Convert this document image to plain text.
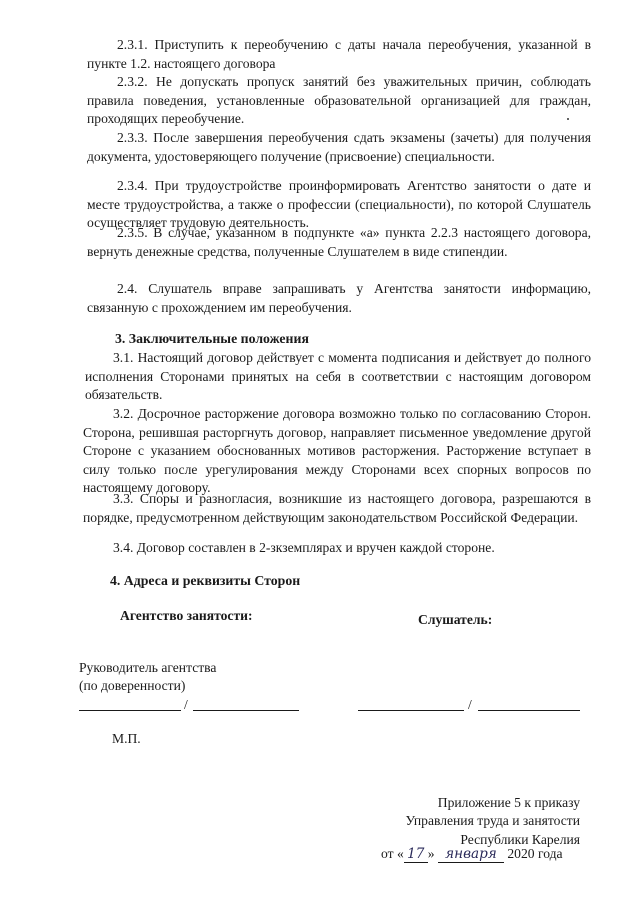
2.3.1. Приступить к переобучению с даты начала переобучения, указанной в пункте 1.2. настоящего договора
2.3.2. Не допускать пропуск занятий без уважительных причин, соблюдать правила поведения, установленные образовательной организацией для граждан, проходящих переобучение.
2.3.3. После завершения переобучения сдать экзамены (зачеты) для получения документа, удостоверяющего получение (присвоение) специальности.
2.3.4. При трудоустройстве проинформировать Агентство занятости о дате и месте трудоустройства, а также о профессии (специальности), по которой Слушатель осуществляет трудовую деятельность.
2.3.5. В случае, указанном в подпункте «а» пункта 2.2.3 настоящего договора, вернуть денежные средства, полученные Слушателем в виде стипендии.
2.4. Слушатель вправе запрашивать у Агентства занятости информацию, связанную с прохождением им переобучения.
3. Заключительные положения
3.1. Настоящий договор действует с момента подписания и действует до полного исполнения Сторонами принятых на себя в соответствии с настоящим договором обязательств.
3.2. Досрочное расторжение договора возможно только по согласованию Сторон. Сторона, решившая расторгнуть договор, направляет письменное уведомление другой Стороне с указанием обоснованных мотивов расторжения. Расторжение вступает в силу только после урегулирования между Сторонами всех спорных вопросов по настоящему договору.
3.3. Споры и разногласия, возникшие из настоящего договора, разрешаются в порядке, предусмотренном действующим законодательством Российской Федерации.
3.4. Договор составлен в 2-зкземплярах и вручен каждой стороне.
4. Адреса и реквизиты Сторон
Агентство занятости:	Слушатель:
Руководитель агентства
(по доверенности)
/	/
М.П.
Приложение 5 к приказу
Управления труда и занятости
Республики Карелия
от « 17 » января 2020 года
